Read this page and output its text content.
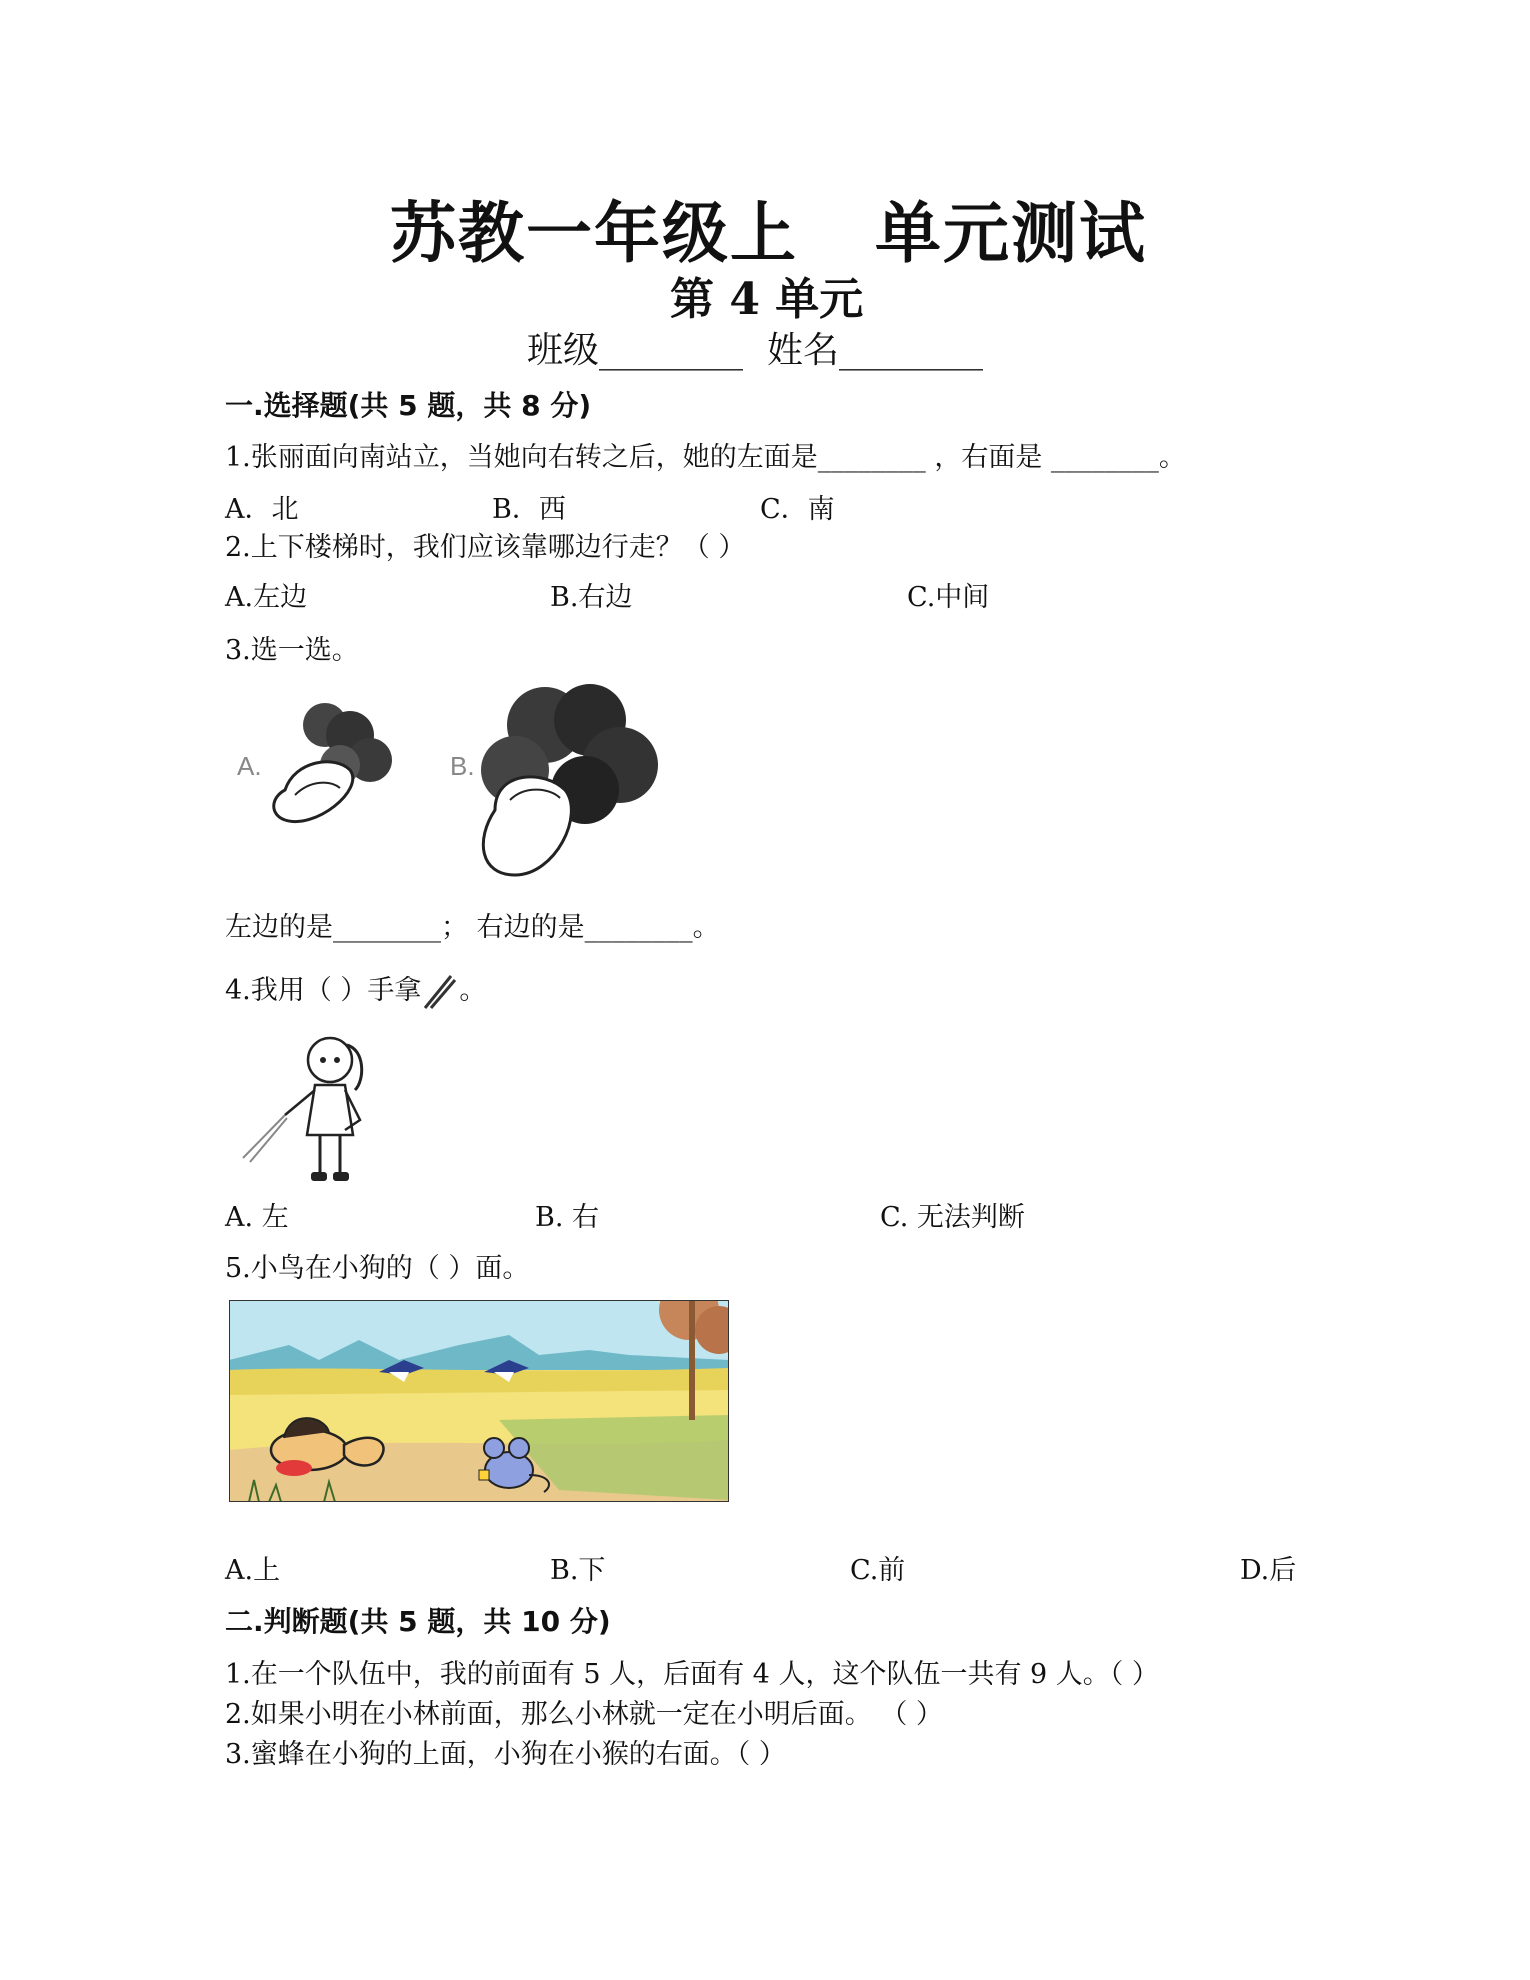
苏教一年级上 单元测试
第 4 单元
班级________ 姓名________
一.选择题(共 5 题，共 8 分)
1.张丽面向南站立，当她向右转之后，她的左面是________ ，右面是 ________。
A．北	B．西	C．南
2.上下楼梯时，我们应该靠哪边行走？（ ）
A.左边	B.右边	C.中间
3.选一选。
A.	B.
左边的是________； 右边的是________。
4.我用（ ）手拿 。
A. 左	B. 右	C. 无法判断
5.小鸟在小狗的（ ）面。
A.上	B.下	C.前	D.后
二.判断题(共 5 题，共 10 分)
1.在一个队伍中，我的前面有 5 人，后面有 4 人，这个队伍一共有 9 人。（ ）
2.如果小明在小林前面，那么小林就一定在小明后面。 （ ）
3.蜜蜂在小狗的上面，小狗在小猴的右面。（ ）
